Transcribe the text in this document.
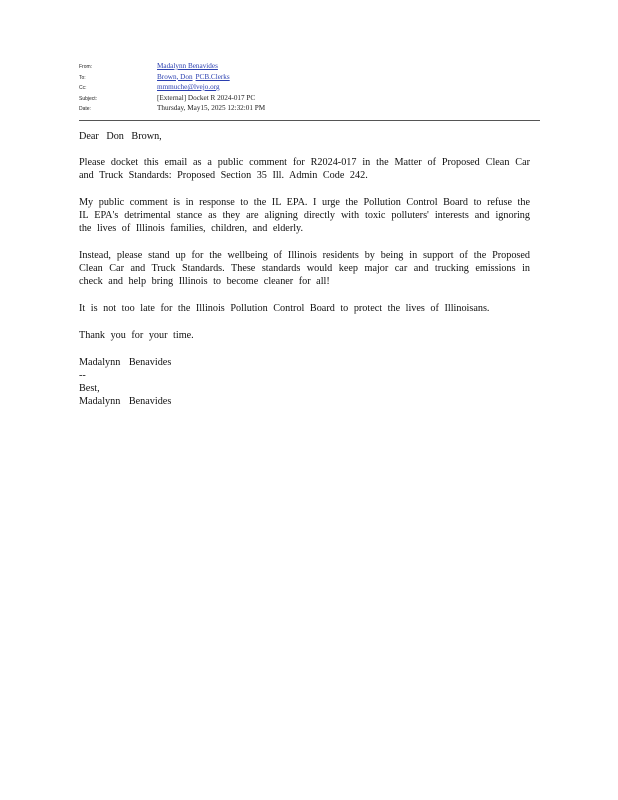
From:	Madalynn Benavides
To:	Brown, Don PCB.Clerks
Cc:	mmmuche@lvejo.org
Subject:	[External] Docket R 2024-017 PC
Date:	Thursday, May15, 2025 12:32:01 PM

Dear Don Brown,

Please docket this email as a public comment for R2024-017 in the Matter of Proposed Clean Car and Truck Standards: Proposed Section 35 Ill. Admin Code 242.

My public comment is in response to the IL EPA. I urge the Pollution Control Board to refuse the IL EPA's detrimental stance as they are aligning directly with toxic polluters' interests and ignoring the lives of Illinois families, children, and elderly.

Instead, please stand up for the wellbeing of Illinois residents by being in support of the Proposed Clean Car and Truck Standards. These standards would keep major car and trucking emissions in check and help bring Illinois to become cleaner for all!

It is not too late for the Illinois Pollution Control Board to protect the lives of Illinoisans.

Thank you for your time.

Madalynn Benavides
--
Best,
Madalynn Benavides
